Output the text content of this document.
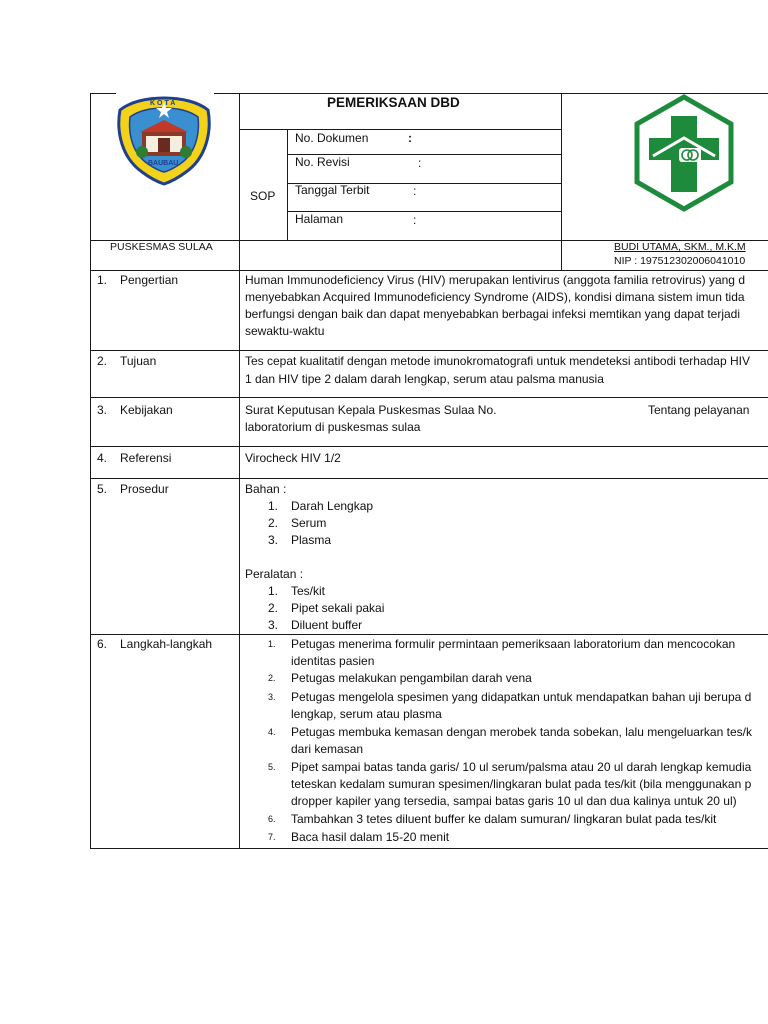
KOTA
BAUBAU
PEMERIKSAAN DBD
SOP
No. Dokumen	:
No. Revisi	:
Tanggal Terbit	:
Halaman	:
PUSKESMAS SULAA	BUDI UTAMA, SKM., M.K.M
NIP : 197512302006041010
1. Pengertian	Human Immunodeficiency Virus (HIV) merupakan lentivirus (anggota familia retrovirus) yang d
menyebabkan Acquired Immunodeficiency Syndrome (AIDS), kondisi dimana sistem imun tida
berfungsi dengan baik dan dapat menyebabkan berbagai infeksi memtikan yang dapat terjadi
sewaktu-waktu
2. Tujuan	Tes cepat kualitatif dengan metode imunokromatografi untuk mendeteksi antibodi terhadap HIV
1 dan HIV tipe 2 dalam darah lengkap, serum atau palsma manusia
3. Kebijakan	Surat Keputusan Kepala Puskesmas Sulaa No.	Tentang pelayanan
laboratorium di puskesmas sulaa
4. Referensi	Virocheck HIV 1/2
5. Prosedur	Bahan :
1. Darah Lengkap
2. Serum
3. Plasma
Peralatan :
1. Tes/kit
2. Pipet sekali pakai
3. Diluent buffer
6. Langkah-langkah	1. Petugas menerima formulir permintaan pemeriksaan laboratorium dan mencocokan
identitas pasien
2. Petugas melakukan pengambilan darah vena
3. Petugas mengelola spesimen yang didapatkan untuk mendapatkan bahan uji berupa d
lengkap, serum atau plasma
4. Petugas membuka kemasan dengan merobek tanda sobekan, lalu mengeluarkan tes/k
dari kemasan
5. Pipet sampai batas tanda garis/ 10 ul serum/palsma atau 20 ul darah lengkap kemudia
teteskan kedalam sumuran spesimen/lingkaran bulat pada tes/kit (bila menggunakan p
dropper kapiler yang tersedia, sampai batas garis 10 ul dan dua kalinya untuk 20 ul)
6. Tambahkan 3 tetes diluent buffer ke dalam sumuran/ lingkaran bulat pada tes/kit
7. Baca hasil dalam 15-20 menit
